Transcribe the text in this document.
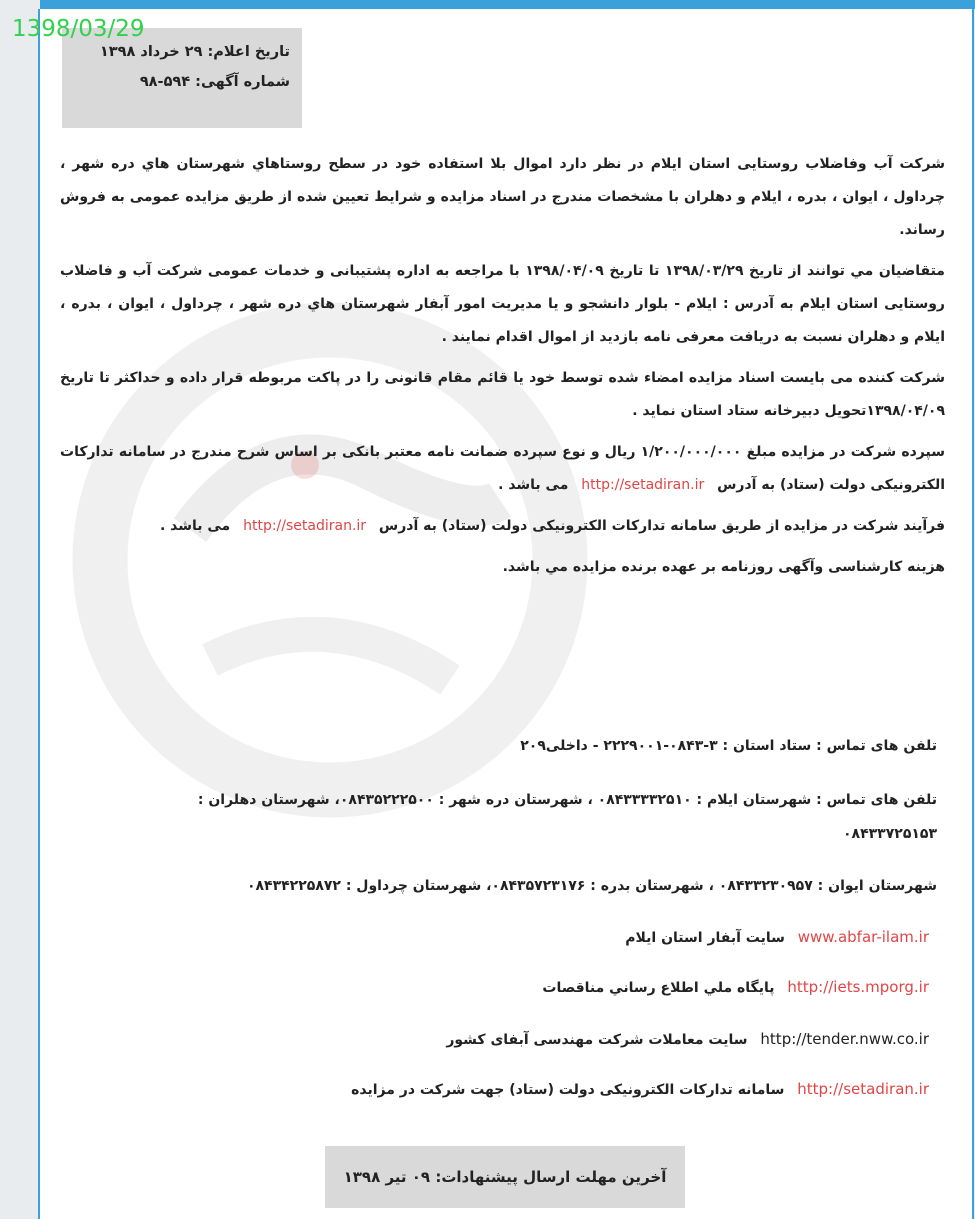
1398/03/29
تاریخ اعلام: ۲۹ خرداد ۱۳۹۸
شماره آگهی: ۵۹۴-۹۸
شرکت آب وفاضلاب روستایی استان ایلام در نظر دارد اموال بلا استفاده خود در سطح روستاهاي شهرستان هاي دره شهر ، چرداول ، ایوان ، بدره ، ایلام و دهلران با مشخصات مندرج در اسناد مزایده و شرایط تعیین شده از طریق مزایده عمومی به فروش رساند.
متقاضیان مي توانند از تاريخ ۱۳۹۸/۰۳/۲۹ تا تاريخ ۱۳۹۸/۰۴/۰۹ با مراجعه به اداره پشتیبانی و خدمات عمومی شرکت آب و فاضلاب روستایی استان ایلام به آدرس : ایلام - بلوار دانشجو و یا مدیریت امور آبفار شهرستان هاي دره شهر ، چرداول ، ایوان ، بدره ، ایلام و دهلران نسبت به دریافت معرفی نامه بازدید از اموال اقدام نمایند .
شرکت کننده می بایست اسناد مزایده امضاء شده توسط خود یا قائم مقام قانونی را در پاکت مربوطه قرار داده و حداکثر تا تاریخ ۱۳۹۸/۰۴/۰۹تحویل دبیرخانه ستاد استان نماید .
سپرده شرکت در مزایده مبلغ ۱/۲۰۰/۰۰۰/۰۰۰ ریال و نوع سپرده ضمانت نامه معتبر بانکی بر اساس شرح مندرج در سامانه تدارکات الکترونیکی دولت (ستاد) به آدرس http://setadiran.ir می باشد .
فرآیند شرکت در مزایده از طریق سامانه تدارکات الکترونیکی دولت (ستاد) به آدرس http://setadiran.ir می باشد .
هزینه کارشناسی وآگهی روزنامه بر عهده برنده مزایده مي باشد.
تلفن های تماس : ستاد استان : ۳-۰۸۴۳-۲۲۲۹۰۰۱ - داخلی۲۰۹
تلفن های تماس : شهرستان ایلام : ۰۸۴۳۳۳۳۲۵۱۰ ، شهرستان دره شهر : ۰۸۴۳۵۲۲۲۵۰۰، شهرستان دهلران :
۰۸۴۳۳۷۲۵۱۵۳
شهرستان ایوان : ۰۸۴۳۳۲۳۰۹۵۷ ، شهرستان بدره : ۰۸۴۳۵۷۲۳۱۷۶، شهرستان چرداول : ۰۸۴۳۴۲۲۵۸۷۲
www.abfar-ilam.ir سایت آبفار استان ایلام
http://iets.mporg.ir پایگاه ملي اطلاع رساني مناقصات
http://tender.nww.co.ir سایت معاملات شرکت مهندسی آبفای کشور
http://setadiran.ir سامانه تدارکات الکترونیکی دولت (ستاد) جهت شرکت در مزایده
آخرین مهلت ارسال پیشنهادات: ۰۹ تیر ۱۳۹۸
